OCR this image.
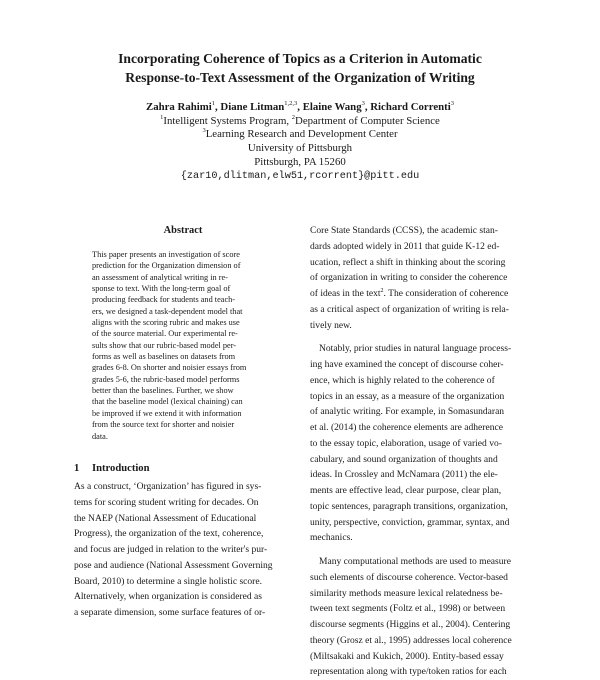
Incorporating Coherence of Topics as a Criterion in Automatic
Response-to-Text Assessment of the Organization of Writing
Zahra Rahimi$^1$, Diane Litman$^{1,2,3}$, Elaine Wang$^3$, Richard Correnti$^3$
$^1$Intelligent Systems Program, $^2$Department of Computer Science
$^3$Learning Research and Development Center
University of Pittsburgh
Pittsburgh, PA 15260
{zar10,dlitman,elw51,rcorrent}@pitt.edu
Abstract
This paper presents an investigation of score
prediction for the Organization dimension of
an assessment of analytical writing in re-
sponse to text. With the long-term goal of
producing feedback for students and teach-
ers, we designed a task-dependent model that
aligns with the scoring rubric and makes use
of the source material. Our experimental re-
sults show that our rubric-based model per-
forms as well as baselines on datasets from
grades 6-8. On shorter and noisier essays from
grades 5-6, the rubric-based model performs
better than the baselines. Further, we show
that the baseline model (lexical chaining) can
be improved if we extend it with information
from the source text for shorter and noisier
data.
1 Introduction
As a construct, ‘Organization’ has figured in sys-
tems for scoring student writing for decades. On
the NAEP (National Assessment of Educational
Progress), the organization of the text, coherence,
and focus are judged in relation to the writer's pur-
pose and audience (National Assessment Governing
Board, 2010) to determine a single holistic score.
Alternatively, when organization is considered as
a separate dimension, some surface features of or-
Core State Standards (CCSS), the academic stan-
dards adopted widely in 2011 that guide K-12 ed-
ucation, reflect a shift in thinking about the scoring
of organization in writing to consider the coherence
of ideas in the text$^2$. The consideration of coherence
as a critical aspect of organization of writing is rela-
tively new.
Notably, prior studies in natural language process-
ing have examined the concept of discourse coher-
ence, which is highly related to the coherence of
topics in an essay, as a measure of the organization
of analytic writing. For example, in Somasundaran
et al. (2014) the coherence elements are adherence
to the essay topic, elaboration, usage of varied vo-
cabulary, and sound organization of thoughts and
ideas. In Crossley and McNamara (2011) the ele-
ments are effective lead, clear purpose, clear plan,
topic sentences, paragraph transitions, organization,
unity, perspective, conviction, grammar, syntax, and
mechanics.
Many computational methods are used to measure
such elements of discourse coherence. Vector-based
similarity methods measure lexical relatedness be-
tween text segments (Foltz et al., 1998) or between
discourse segments (Higgins et al., 2004). Centering
theory (Grosz et al., 1995) addresses local coherence
(Miltsakaki and Kukich, 2000). Entity-based essay
representation along with type/token ratios for each
